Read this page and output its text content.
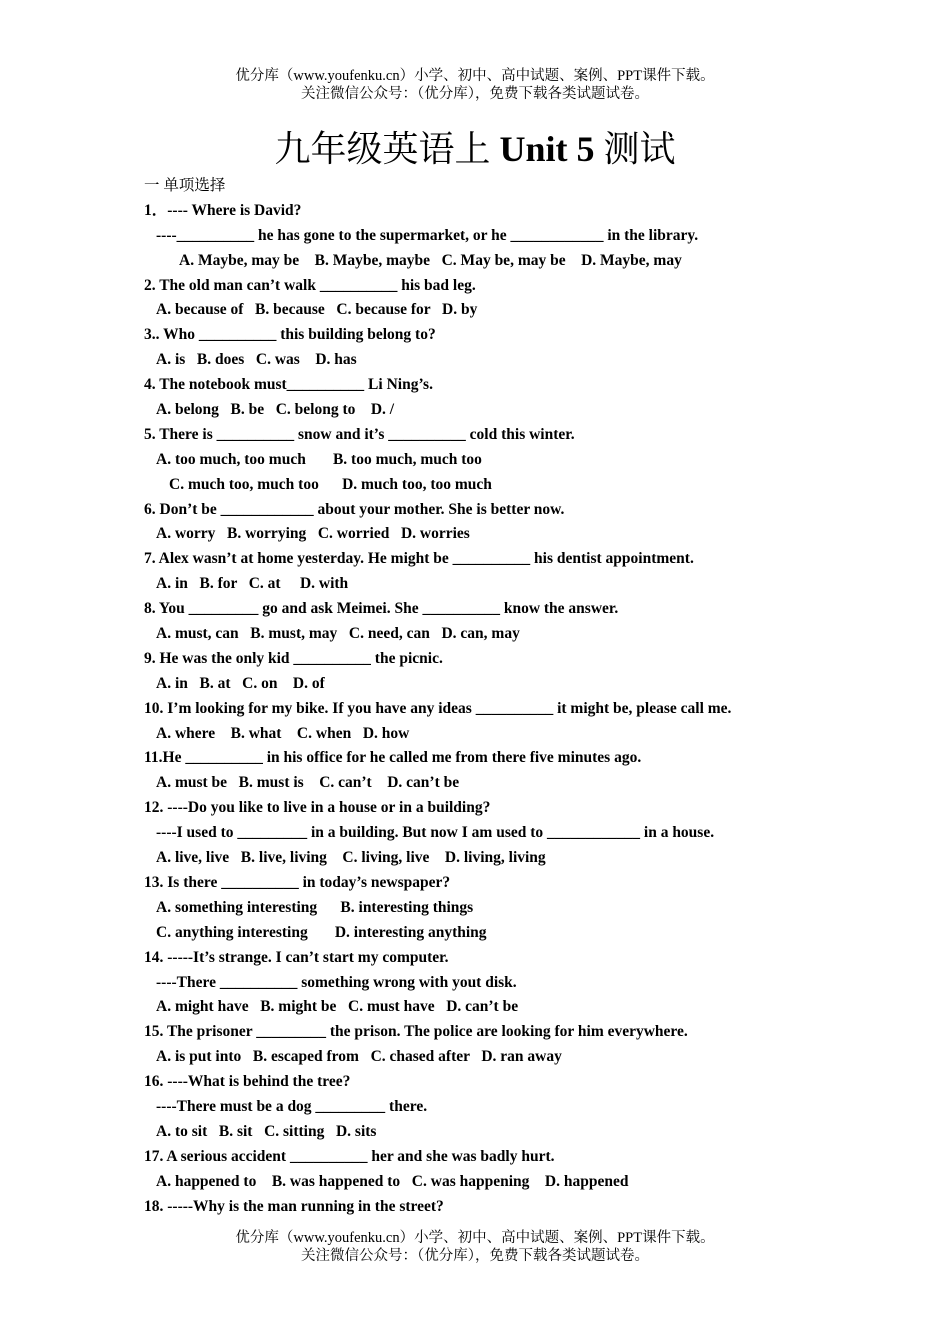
优分库（www.youfenku.cn）小学、初中、高中试题、案例、PPT课件下载。
关注微信公众号：（优分库），免费下载各类试题试卷。
九年级英语上 Unit 5 测试
一 单项选择
1．---- Where is David?
----__________ he has gone to the supermarket, or he ____________ in the library.
A. Maybe, may be    B. Maybe, maybe   C. May be, may be    D. Maybe, may
2. The old man can’t walk __________ his bad leg.
A. because of   B. because   C. because for   D. by
3.. Who __________ this building belong to?
A. is   B. does   C. was    D. has
4. The notebook must__________ Li Ning’s.
A. belong   B. be   C. belong to    D. /
5. There is __________ snow and it’s __________ cold this winter.
A. too much, too much       B. too much, much too
C. much too, much too      D. much too, too much
6. Don’t be ____________ about your mother. She is better now.
A. worry   B. worrying   C. worried   D. worries
7. Alex wasn’t at home yesterday. He might be __________ his dentist appointment.
A. in   B. for   C. at     D. with
8. You _________ go and ask Meimei. She __________ know the answer.
A. must, can   B. must, may   C. need, can   D. can, may
9. He was the only kid __________ the picnic.
A. in   B. at   C. on    D. of
10. I’m looking for my bike. If you have any ideas __________ it might be, please call me.
A. where    B. what    C. when   D. how
11.He __________ in his office for he called me from there five minutes ago.
A. must be   B. must is    C. can’t    D. can’t be
12. ----Do you like to live in a house or in a building?
----I used to _________ in a building. But now I am used to ____________ in a house.
A. live, live   B. live, living    C. living, live    D. living, living
13. Is there __________ in today’s newspaper?
A. something interesting      B. interesting things
C. anything interesting       D. interesting anything
14. -----It’s strange. I can’t start my computer.
----There __________ something wrong with yout disk.
A. might have   B. might be   C. must have   D. can’t be
15. The prisoner _________ the prison. The police are looking for him everywhere.
A. is put into   B. escaped from   C. chased after   D. ran away
16. ----What is behind the tree?
----There must be a dog _________ there.
A. to sit   B. sit   C. sitting   D. sits
17. A serious accident __________ her and she was badly hurt.
A. happened to    B. was happened to   C. was happening    D. happened
18. -----Why is the man running in the street?
优分库（www.youfenku.cn）小学、初中、高中试题、案例、PPT课件下载。
关注微信公众号：（优分库），免费下载各类试题试卷。
